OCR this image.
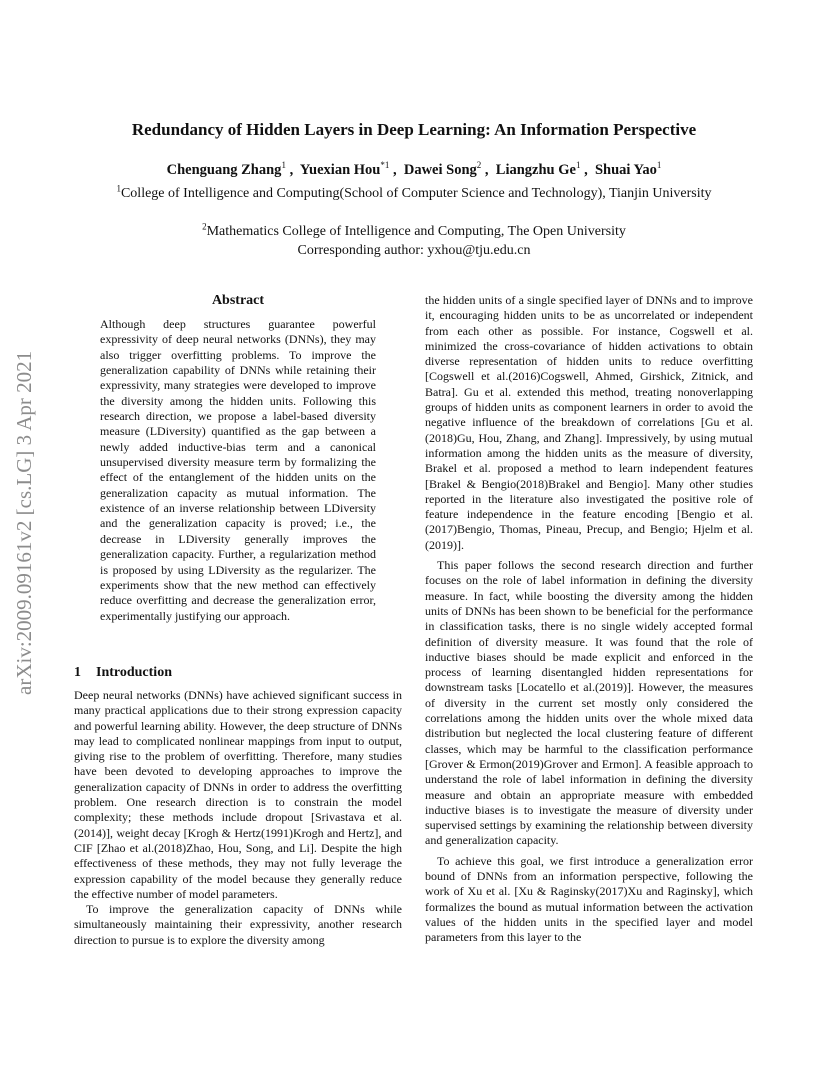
Redundancy of Hidden Layers in Deep Learning: An Information Perspective
Chenguang Zhang$^1$ ,  Yuexian Hou$^{*1}$ ,  Dawei Song$^2$ ,  Liangzhu Ge$^1$ ,  Shuai Yao$^1$
$^1$College of Intelligence and Computing(School of Computer Science and Technology), Tianjin University
$^2$Mathematics College of Intelligence and Computing, The Open University
Corresponding author: yxhou@tju.edu.cn
arXiv:2009.09161v2 [cs.LG] 3 Apr 2021
Abstract
Although deep structures guarantee powerful expressivity of deep neural networks (DNNs), they may also trigger overfitting problems. To improve the generalization capability of DNNs while retaining their expressivity, many strategies were developed to improve the diversity among the hidden units. Following this research direction, we propose a label-based diversity measure (LDiversity) quantified as the gap between a newly added inductive-bias term and a canonical unsupervised diversity measure term by formalizing the effect of the entanglement of the hidden units on the generalization capacity as mutual information. The existence of an inverse relationship between LDiversity and the generalization capacity is proved; i.e., the decrease in LDiversity generally improves the generalization capacity. Further, a regularization method is proposed by using LDiversity as the regularizer. The experiments show that the new method can effectively reduce overfitting and decrease the generalization error, experimentally justifying our approach.
1 Introduction

Deep neural networks (DNNs) have achieved significant success in many practical applications due to their strong expression capacity and powerful learning ability. However, the deep structure of DNNs may lead to complicated nonlinear mappings from input to output, giving rise to the problem of overfitting. Therefore, many studies have been devoted to developing approaches to improve the generalization capacity of DNNs in order to address the overfitting problem. One research direction is to constrain the model complexity; these methods include dropout [Srivastava et al.(2014)], weight decay [Krogh & Hertz(1991)Krogh and Hertz], and CIF [Zhao et al.(2018)Zhao, Hou, Song, and Li]. Despite the high effectiveness of these methods, they may not fully leverage the expression capability of the model because they generally reduce the effective number of model parameters.

To improve the generalization capacity of DNNs while simultaneously maintaining their expressivity, another research direction to pursue is to explore the diversity among

the hidden units of a single specified layer of DNNs and to improve it, encouraging hidden units to be as uncorrelated or independent from each other as possible. For instance, Cogswell et al. minimized the cross-covariance of hidden activations to obtain diverse representation of hidden units to reduce overfitting [Cogswell et al.(2016)Cogswell, Ahmed, Girshick, Zitnick, and Batra]. Gu et al. extended this method, treating nonoverlapping groups of hidden units as component learners in order to avoid the negative influence of the breakdown of correlations [Gu et al.(2018)Gu, Hou, Zhang, and Zhang]. Impressively, by using mutual information among the hidden units as the measure of diversity, Brakel et al. proposed a method to learn independent features [Brakel & Bengio(2018)Brakel and Bengio]. Many other studies reported in the literature also investigated the positive role of feature independence in the feature encoding [Bengio et al.(2017)Bengio, Thomas, Pineau, Precup, and Bengio; Hjelm et al.(2019)].

This paper follows the second research direction and further focuses on the role of label information in defining the diversity measure. In fact, while boosting the diversity among the hidden units of DNNs has been shown to be beneficial for the performance in classification tasks, there is no single widely accepted formal definition of diversity measure. It was found that the role of inductive biases should be made explicit and enforced in the process of learning disentangled hidden representations for downstream tasks [Locatello et al.(2019)]. However, the measures of diversity in the current set mostly only considered the correlations among the hidden units over the whole mixed data distribution but neglected the local clustering feature of different classes, which may be harmful to the classification performance [Grover & Ermon(2019)Grover and Ermon]. A feasible approach to understand the role of label information in defining the diversity measure and obtain an appropriate measure with embedded inductive biases is to investigate the measure of diversity under supervised settings by examining the relationship between diversity and generalization capacity.

To achieve this goal, we first introduce a generalization error bound of DNNs from an information perspective, following the work of Xu et al. [Xu & Raginsky(2017)Xu and Raginsky], which formalizes the bound as mutual information between the activation values of the hidden units in the specified layer and model parameters from this layer to the
